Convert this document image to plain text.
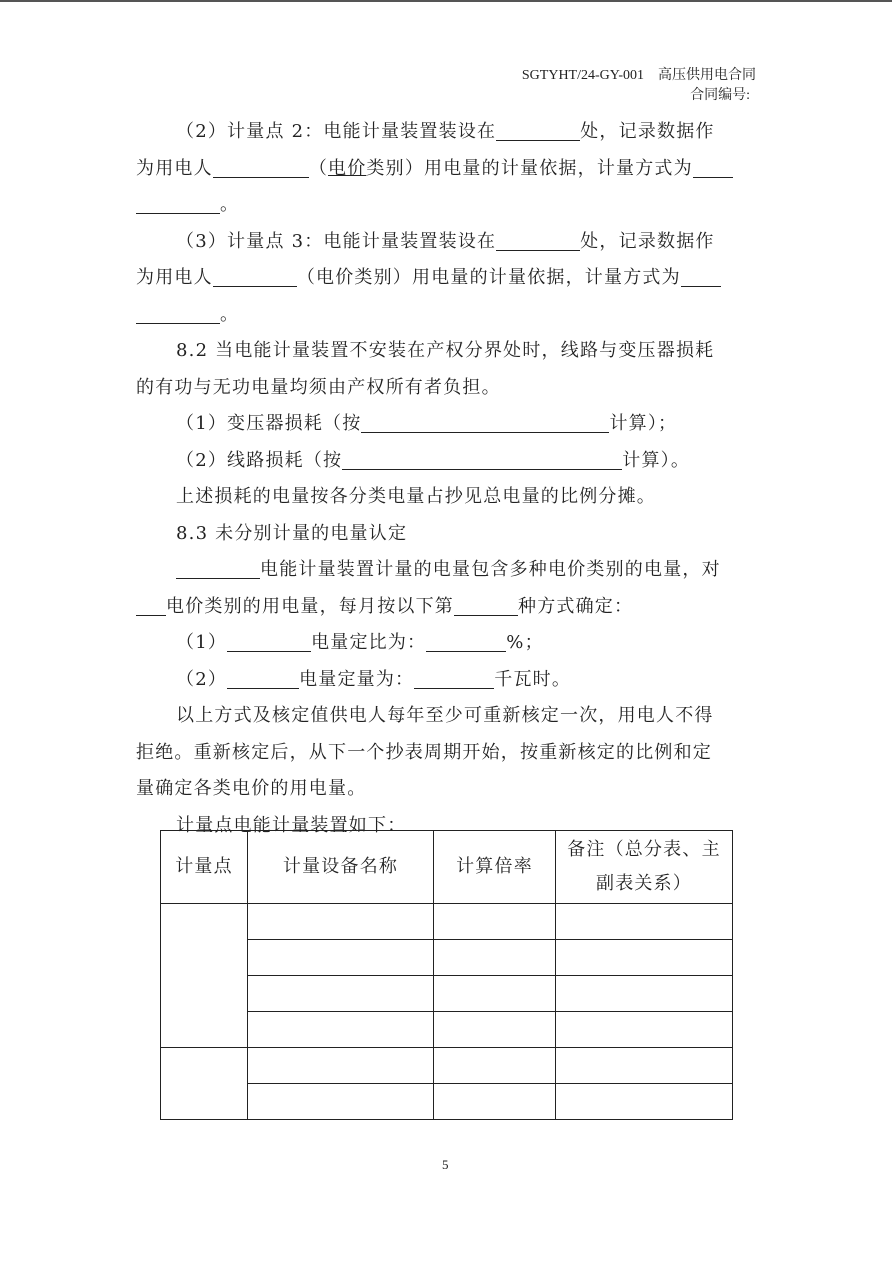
SGTYHT/24-GY-001 高压供用电合同
合同编号:
（2）计量点 2：电能计量装置装设在	处，记录数据作
为用电人	（电价类别）用电量的计量依据，计量方式为
。
（3）计量点 3：电能计量装置装设在	处，记录数据作
为用电人	（电价类别）用电量的计量依据，计量方式为
。
8.2 当电能计量装置不安装在产权分界处时，线路与变压器损耗
的有功与无功电量均须由产权所有者负担。
（1）变压器损耗（按	计算）；
（2）线路损耗（按	计算）。
上述损耗的电量按各分类电量占抄见总电量的比例分摊。
8.3 未分别计量的电量认定
电能计量装置计量的电量包含多种电价类别的电量，对
电价类别的用电量，每月按以下第	种方式确定：
（1）	电量定比为：	%；
（2）	电量定量为：	千瓦时。
以上方式及核定值供电人每年至少可重新核定一次，用电人不得
拒绝。重新核定后，从下一个抄表周期开始，按重新核定的比例和定
量确定各类电价的用电量。
计量点电能计量装置如下：
计量点	计量设备名称	计算倍率	备注（总分表、主
副表关系）

5
